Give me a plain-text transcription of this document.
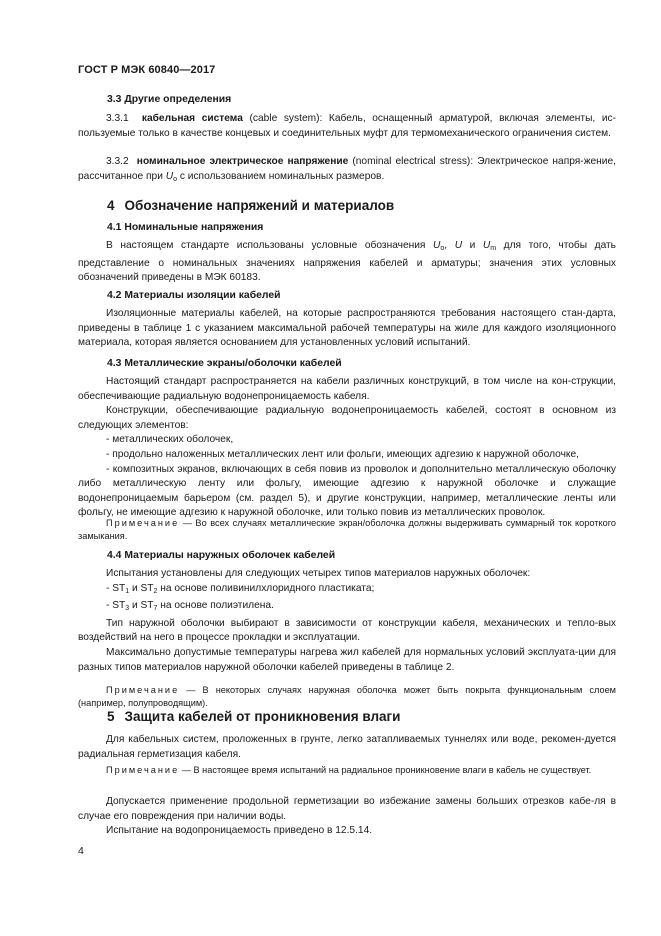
ГОСТ Р МЭК 60840—2017
3.3 Другие определения

3.3.1 кабельная система (cable system): Кабель, оснащенный арматурой, включая элементы, ис-пользуемые только в качестве концевых и соединительных муфт для термомеханического ограничения систем.

3.3.2 номинальное электрическое напряжение (nominal electrical stress): Электрическое напря-жение, рассчитанное при $U_o$ с использованием номинальных размеров.

4 Обозначение напряжений и материалов
4.1 Номинальные напряжения

В настоящем стандарте использованы условные обозначения $U_o$, U и $U_m$ для того, чтобы дать представление о номинальных значениях напряжения кабелей и арматуры; значения этих условных обозначений приведены в МЭК 60183.

4.2 Материалы изоляции кабелей

Изоляционные материалы кабелей, на которые распространяются требования настоящего стан-дарта, приведены в таблице 1 с указанием максимальной рабочей температуры на жиле для каждого изоляционного материала, которая является основанием для установленных условий испытаний.

4.3 Металлические экраны/оболочки кабелей

Настоящий стандарт распространяется на кабели различных конструкций, в том числе на кон-струкции, обеспечивающие радиальную водонепроницаемость кабеля.

Конструкции, обеспечивающие радиальную водонепроницаемость кабелей, состоят в основном из следующих элементов:

- металлических оболочек,

- продольно наложенных металлических лент или фольги, имеющих адгезию к наружной оболочке,

- композитных экранов, включающих в себя повив из проволок и дополнительно металлическую оболочку либо металлическую ленту или фольгу, имеющие адгезию к наружной оболочке и служащие водонепроницаемым барьером (см. раздел 5), и другие конструкции, например, металлические ленты или фольгу, не имеющие адгезию к наружной оболочке, или только повив из металлических проволок.

Примечание — Во всех случаях металлические экран/оболочка должны выдерживать суммарный ток короткого замыкания.

4.4 Материалы наружных оболочек кабелей

Испытания установлены для следующих четырех типов материалов наружных оболочек:

- $ST_1$ и $ST_2$ на основе поливинилхлоридного пластиката;

- $ST_3$ и $ST_7$ на основе полиэтилена.

Тип наружной оболочки выбирают в зависимости от конструкции кабеля, механических и тепло-вых воздействий на него в процессе прокладки и эксплуатации.

Максимально допустимые температуры нагрева жил кабелей для нормальных условий эксплуата-ции для разных типов материалов наружной оболочки кабелей приведены в таблице 2.

Примечание — В некоторых случаях наружная оболочка может быть покрыта функциональным слоем (например, полупроводящим).

5 Защита кабелей от проникновения влаги

Для кабельных систем, проложенных в грунте, легко затапливаемых туннелях или воде, рекомен-дуется радиальная герметизация кабеля.

Примечание — В настоящее время испытаний на радиальное проникновение влаги в кабель не существует.

Допускается применение продольной герметизации во избежание замены больших отрезков кабе-ля в случае его повреждения при наличии воды.

Испытание на водопроницаемость приведено в 12.5.14.

4
